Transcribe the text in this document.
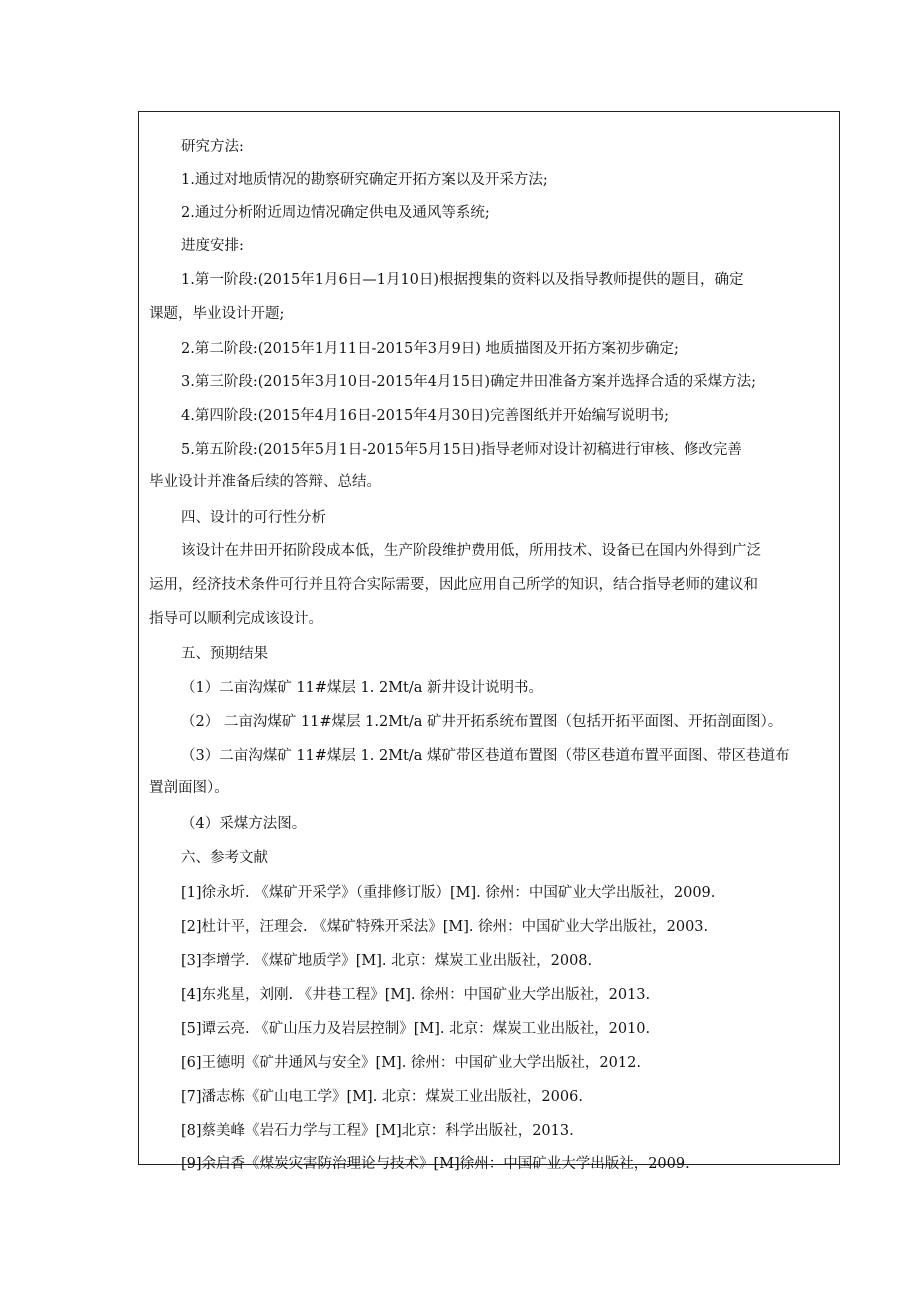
研究方法:
1.通过对地质情况的勘察研究确定开拓方案以及开采方法;
2.通过分析附近周边情况确定供电及通风等系统;
进度安排:
1.第一阶段:(2015年1月6日—1月10日)根据搜集的资料以及指导教师提供的题目，确定
课题，毕业设计开题;
2.第二阶段:(2015年1月11日-2015年3月9日) 地质描图及开拓方案初步确定;
3.第三阶段:(2015年3月10日-2015年4月15日)确定井田准备方案并选择合适的采煤方法;
4.第四阶段:(2015年4月16日-2015年4月30日)完善图纸并开始编写说明书;
5.第五阶段:(2015年5月1日-2015年5月15日)指导老师对设计初稿进行审核、修改完善
毕业设计并准备后续的答辩、总结。
四、设计的可行性分析
该设计在井田开拓阶段成本低，生产阶段维护费用低，所用技术、设备已在国内外得到广泛
运用，经济技术条件可行并且符合实际需要，因此应用自己所学的知识，结合指导老师的建议和
指导可以顺利完成该设计。
五、预期结果
（1）二亩沟煤矿 11#煤层 1. 2Mt/a 新井设计说明书。
（2） 二亩沟煤矿 11#煤层 1.2Mt/a 矿井开拓系统布置图（包括开拓平面图、开拓剖面图）。
（3）二亩沟煤矿 11#煤层 1. 2Mt/a 煤矿带区巷道布置图（带区巷道布置平面图、带区巷道布
置剖面图）。
（4）采煤方法图。
六、参考文献
[1]徐永圻. 《煤矿开采学》（重排修订版）[M]. 徐州：中国矿业大学出版社，2009.
[2]杜计平，汪理会. 《煤矿特殊开采法》[M]. 徐州：中国矿业大学出版社，2003.
[3]李增学. 《煤矿地质学》[M]. 北京：煤炭工业出版社，2008.
[4]东兆星，刘刚. 《井巷工程》[M]. 徐州：中国矿业大学出版社，2013.
[5]谭云亮. 《矿山压力及岩层控制》[M]. 北京：煤炭工业出版社，2010.
[6]王德明《矿井通风与安全》[M]. 徐州：中国矿业大学出版社，2012.
[7]潘志栋《矿山电工学》[M]. 北京：煤炭工业出版社，2006.
[8]蔡美峰《岩石力学与工程》[M]北京：科学出版社，2013.
[9]余启香《煤炭灾害防治理论与技术》[M]徐州：中国矿业大学出版社，2009.
